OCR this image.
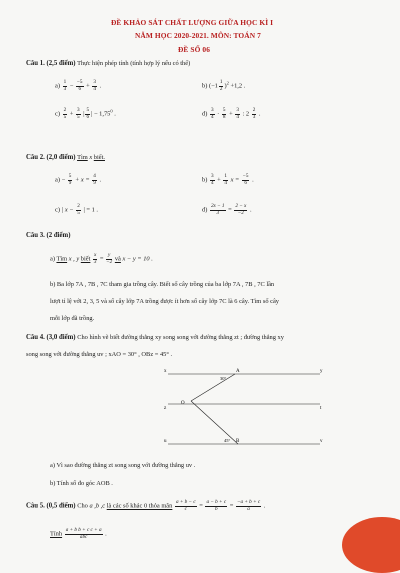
ĐỀ KHẢO SÁT CHẤT LƯỢNG GIỮA HỌC KÌ I
NĂM HỌC 2020-2021. MÔN: TOÁN 7
ĐỀ SỐ 06
Câu 1. (2,5 điểm) Thực hiện phép tính (tính hợp lý nếu có thể)
$a) \frac{1}{3} - \frac{-5}{6} + \frac{3}{4}$ .	b) $(-1 \frac{1}{2} )^2 +1,2$ .
$c) \frac{2}{5} + \frac{3}{5}$ | $\frac{5}{6}$ | − $1,75^0$ .	$d) \frac{3}{4} \cdot \frac{5}{8} + \frac{3}{4}$ : $2 \frac{2}{3}$ .
Câu 2. (2,0 điểm) Tìm x biết.
$a) - \frac{5}{9} + x = \frac{4}{9}$ .	$b) \frac{3}{4} + \frac{1}{4}$ $x = \frac{-5}{6}$ .
c) | $x - \frac{2}{5}$ | = 1 .	$d) \frac{2x - 1}{3} = \frac{2 - x}{-2}$ .
Câu 3. (2 điểm)
a) Tìm x , y biết $\frac{x}{3} = \frac{y}{-2}$ và x − y = 10 .
b) Ba lớp 7A , 7B , 7C tham gia trồng cây. Biết số cây trồng của ba lớp 7A , 7B , 7C lần
lượt tỉ lệ với 2, 3, 5 và số cây lớp 7A trồng được ít hơn số cây lớp 7C là 6 cây. Tìm số cây
mỗi lớp đã trồng.
Câu 4. (3,0 điểm) Cho hình vẽ biết đường thẳng xy song song với đường thẳng zt ; đường thẳng xy
song song với đường thẳng uv ; xAO = 30° , OBz = 45° .
x	A
30°
y
O
z	t
u	45° B	v
a) Vì sao đường thẳng zt song song với đường thẳng uv .
b) Tính số đo góc AOB .
Câu 5. (0,5 điểm) Cho a ,b ,c là các số khác 0 thỏa mãn $\frac{a + b - c}{c} = \frac{a - b + c}{b} = \frac{-a + b + c}{a}$ .
Tính
a + b b + c c + a
abc	.
